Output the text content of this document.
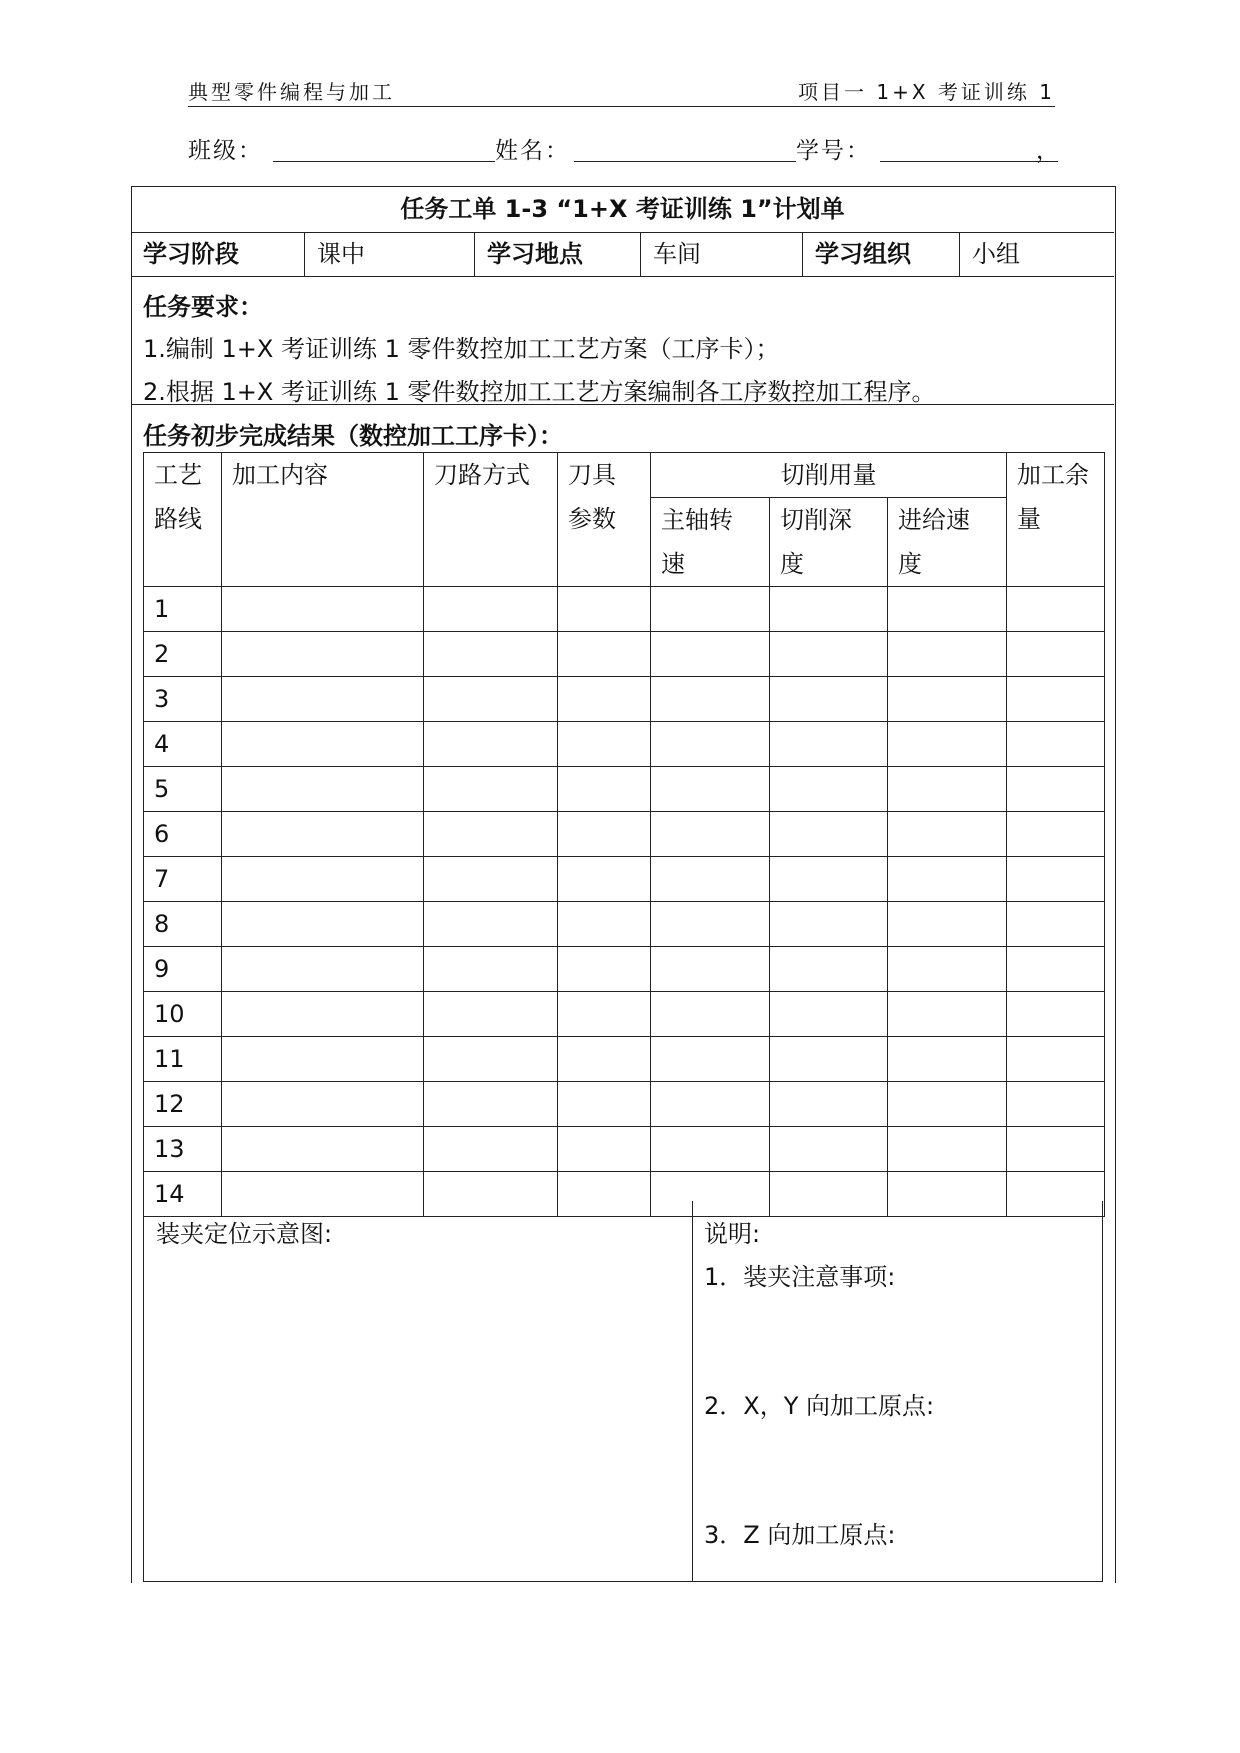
典型零件编程与加工	项目一 1+X 考证训练 1
班级：	姓名：	学号：	，
任务工单 1-3 “1+X 考证训练 1”计划单
学习阶段	课中	学习地点	车间	学习组织	小组
任务要求：
1.编制 1+X 考证训练 1 零件数控加工工艺方案（工序卡）；
2.根据 1+X 考证训练 1 零件数控加工工艺方案编制各工序数控加工程序。
任务初步完成结果（数控加工工序卡）：
工艺路线	加工内容	刀路方式	刀具参数	切削用量			加工余量

				主轴转速	切削深度	进给速度	

1							
2							
3							
4							
5							
6							
7							
8							
9							
10							
11							
12							
13							
14							
装夹定位示意图:	说明:
1．装夹注意事项:
2．X，Y 向加工原点:
3．Z 向加工原点:
